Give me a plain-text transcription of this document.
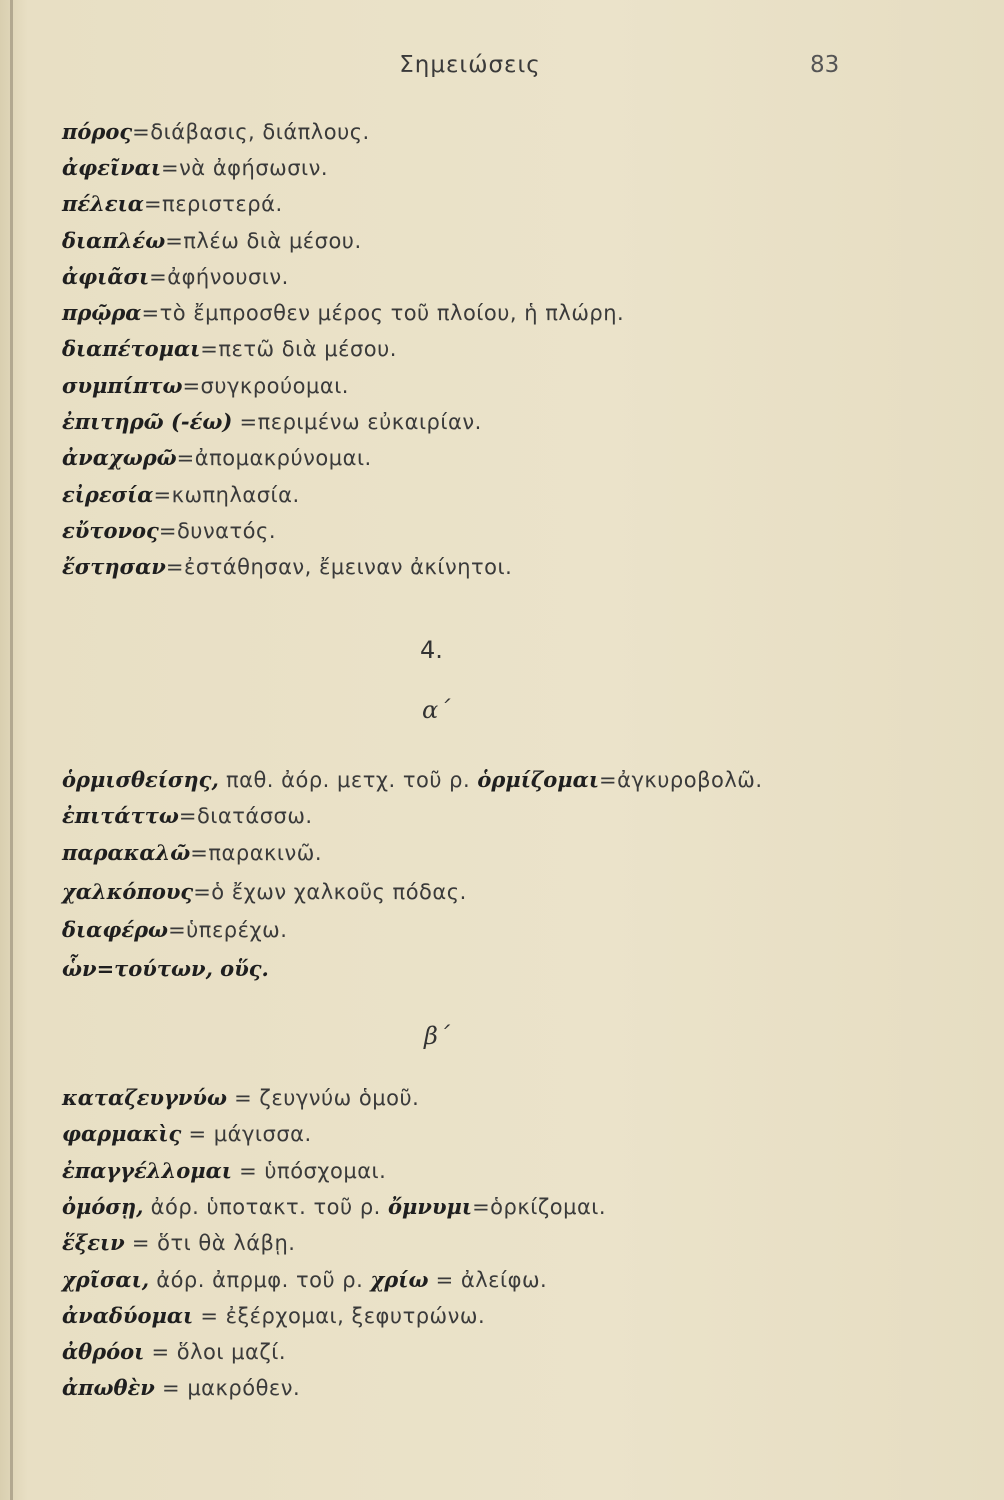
Σημειώσεις	83
πόρος=διάβασις, διάπλους.
ἀφεῖναι=νὰ ἀφήσωσιν.
πέλεια=περιστερά.
διαπλέω=πλέω διὰ μέσου.
ἀφιᾶσι=ἀφήνουσιν.
πρῷρα=τὸ ἔμπροσθεν μέρος τοῦ πλοίου, ἡ πλώρη.
διαπέτομαι=πετῶ διὰ μέσου.
συμπίπτω=συγκρούομαι.
ἐπιτηρῶ (-έω) =περιμένω εὐκαιρίαν.
ἀναχωρῶ=ἀπομακρύνομαι.
εἰρεσία=κωπηλασία.
εὔτονος=δυνατός.
ἔστησαν=ἐστάθησαν, ἔμειναν ἀκίνητοι.
4.
α΄
ὁρμισθείσης, παθ. ἀόρ. μετχ. τοῦ ρ. ὁρμίζομαι=ἀγκυροβολῶ.
ἐπιτάττω=διατάσσω.
παρακαλῶ=παρακινῶ.
χαλκόπους=ὁ ἔχων χαλκοῦς πόδας.
διαφέρω=ὑπερέχω.
ὧν=τούτων, οὕς.
β΄
καταζευγνύω = ζευγνύω ὁμοῦ.
φαρμακὶς = μάγισσα.
ἐπαγγέλλομαι = ὑπόσχομαι.
ὀμόσῃ, ἀόρ. ὑποτακτ. τοῦ ρ. ὄμνυμι=ὁρκίζομαι.
ἕξειν = ὅτι θὰ λάβῃ.
χρῖσαι, ἀόρ. ἀπρμφ. τοῦ ρ. χρίω = ἀλείφω.
ἀναδύομαι = ἐξέρχομαι, ξεφυτρώνω.
ἀθρόοι = ὅλοι μαζί.
ἀπωθὲν = μακρόθεν.
